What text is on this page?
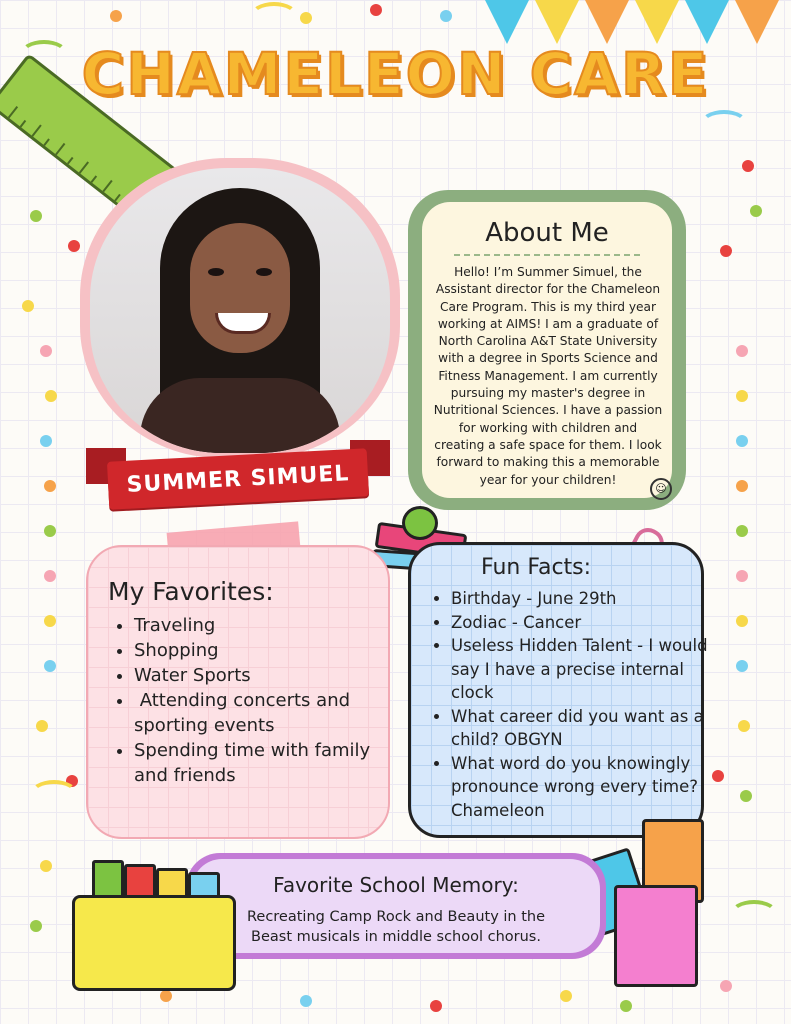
CHAMELEON CARE
SUMMER SIMUEL
About Me
Hello! I’m Summer Simuel, the Assistant director for the Chameleon Care Program. This is my third year working at AIMS! I am a graduate of North Carolina A&T State University with a degree in Sports Science and Fitness Management. I am currently pursuing my master's degree in Nutritional Sciences. I have a passion for working with children and creating a safe space for them. I look forward to making this a memorable year for your children!
☺
My Favorites:
• Traveling
• Shopping
• Water Sports
•  Attending concerts and sporting events
• Spending time with family and friends
Fun Facts:
• Birthday - June 29th
• Zodiac - Cancer
• Useless Hidden Talent - I would say I have a precise internal clock
• What career did you want as a child? OBGYN
• What word do you knowingly pronounce wrong every time? Chameleon
Favorite School Memory:
Recreating Camp Rock and Beauty in the Beast musicals in middle school chorus.
